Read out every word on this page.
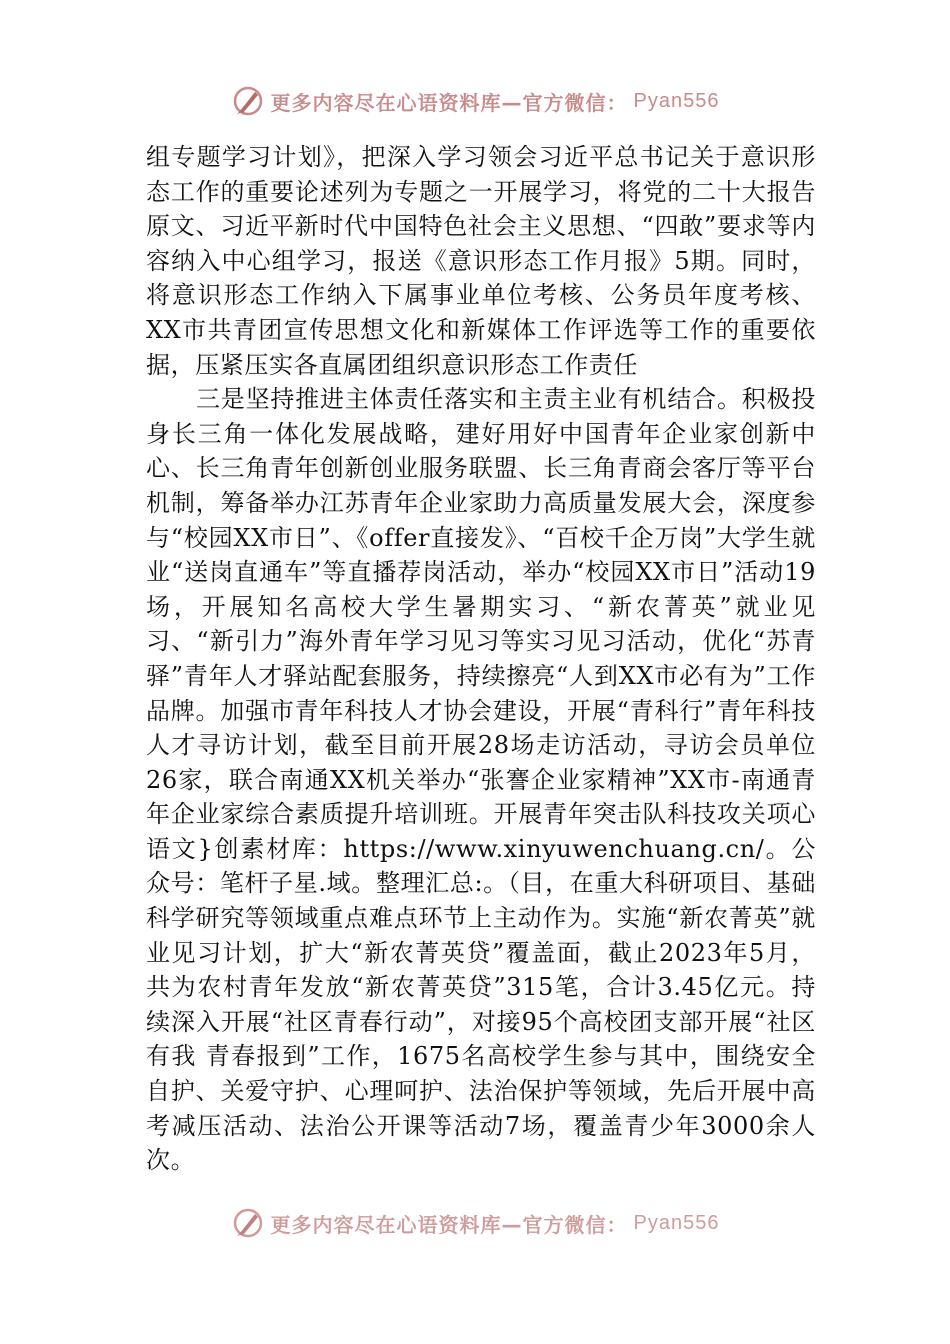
更多内容尽在心语资料库—官方微信： Pyan556

组专题学习计划》，把深入学习领会习近平总书记关于意识形态工作的重要论述列为专题之一开展学习，将党的二十大报告原文、习近平新时代中国特色社会主义思想、“四敢”要求等内容纳入中心组学习，报送《意识形态工作月报》5期。同时，将意识形态工作纳入下属事业单位考核、公务员年度考核、XX市共青团宣传思想文化和新媒体工作评选等工作的重要依据，压紧压实各直属团组织意识形态工作责任

三是坚持推进主体责任落实和主责主业有机结合。积极投身长三角一体化发展战略，建好用好中国青年企业家创新中心、长三角青年创新创业服务联盟、长三角青商会客厅等平台机制，筹备举办江苏青年企业家助力高质量发展大会，深度参与“校园XX市日”、《offer直接发》、“百校千企万岗”大学生就业“送岗直通车”等直播荐岗活动，举办“校园XX市日”活动19场，开展知名高校大学生暑期实习、“新农菁英”就业见习、“新引力”海外青年学习见习等实习见习活动，优化“苏青驿”青年人才驿站配套服务，持续擦亮“人到XX市必有为”工作品牌。加强市青年科技人才协会建设，开展“青科行”青年科技人才寻访计划，截至目前开展28场走访活动，寻访会员单位26家，联合南通XX机关举办“张謇企业家精神”XX市-南通青年企业家综合素质提升培训班。开展青年突击队科技攻关项心语文}创素材库：https://www.xinyuwenchuang.cn/。公众号：笔杆子星.域。整理汇总:。（目，在重大科研项目、基础科学研究等领域重点难点环节上主动作为。实施“新农菁英”就业见习计划，扩大“新农菁英贷”覆盖面，截止2023年5月，共为农村青年发放“新农菁英贷”315笔，合计3.45亿元。持续深入开展“社区青春行动”，对接95个高校团支部开展“社区有我 青春报到”工作，1675名高校学生参与其中，围绕安全自护、关爱守护、心理呵护、法治保护等领域，先后开展中高考减压活动、法治公开课等活动7场，覆盖青少年3000余人次。

更多内容尽在心语资料库—官方微信： Pyan556
